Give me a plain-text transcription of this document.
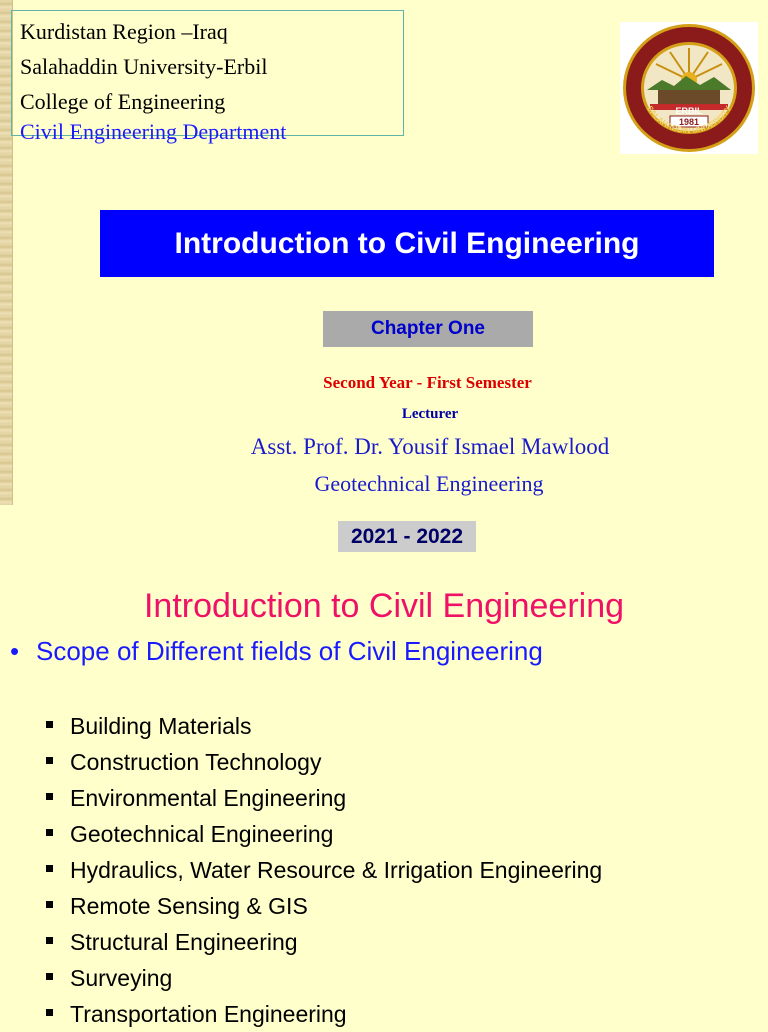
Kurdistan Region –Iraq
Salahaddin University-Erbil
College of Engineering
Civil Engineering Department
ERBIL
1981
SALAHADDIN UNIVERSITY
Introduction to Civil Engineering
Chapter One
Second Year - First Semester
Lecturer
Asst. Prof. Dr. Yousif Ismael Mawlood
Geotechnical Engineering
2021 - 2022
Introduction to Civil Engineering
• Scope of Different fields of Civil Engineering
Building Materials
Construction Technology
Environmental Engineering
Geotechnical Engineering
Hydraulics, Water Resource & Irrigation Engineering
Remote Sensing & GIS
Structural Engineering
Surveying
Transportation Engineering
